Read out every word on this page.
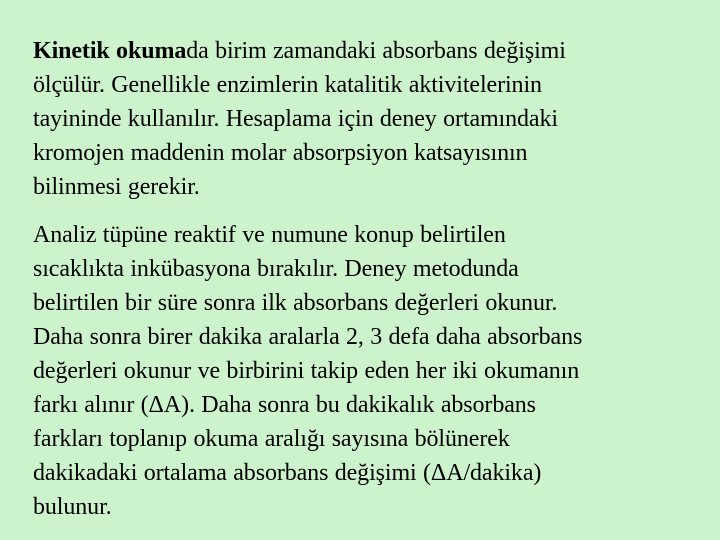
Kinetik okumada birim zamandaki absorbans değişimi
ölçülür. Genellikle enzimlerin katalitik aktivitelerinin
tayininde kullanılır. Hesaplama için deney ortamındaki
kromojen maddenin molar absorpsiyon katsayısının
bilinmesi gerekir.

Analiz tüpüne reaktif ve numune konup belirtilen
sıcaklıkta inkübasyona bırakılır. Deney metodunda
belirtilen bir süre sonra ilk absorbans değerleri okunur.
Daha sonra birer dakika aralarla 2, 3 defa daha absorbans
değerleri okunur ve birbirini takip eden her iki okumanın
farkı alınır (ΔA). Daha sonra bu dakikalık absorbans
farkları toplanıp okuma aralığı sayısına bölünerek
dakikadaki ortalama absorbans değişimi (ΔA/dakika)
bulunur.
